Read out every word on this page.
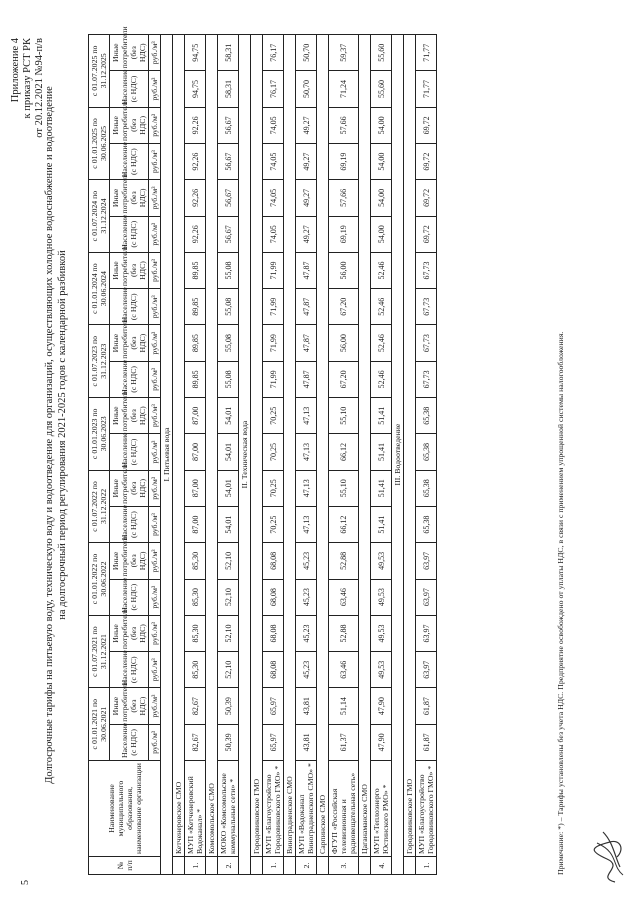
5
Приложение 4 к приказу РСТ РК от 20.12.2021 №94-п/в Долгосрочные тарифы на питьевую воду, техническую воду и водоотведение для организаций, осуществляющих холодное водоснабжение и водоотведение на долгосрочный период регулирования 2021-2025 годов с календарной разбивкой
№ п/п	Наименование муниципального образования, наименование организации	с 01.01.2021 по 30.06.2021		с 01.07.2021 по 31.12.2021		с 01.01.2022 по 30.06.2022		с 01.07.2022 по 31.12.2022		с 01.01.2023 по 30.06.2023		с 01.07.2023 по 31.12.2023		с 01.01.2024 по 30.06.2024		с 01.07.2024 по 31.12.2024		с 01.01.2025 по 30.06.2025		с 01.07.2025 по 31.12.2025	
		Население (с НДС)	Иные потребители (без НДС)	Население (с НДС)	Иные потребители (без НДС)	Население (с НДС)	Иные потребители (без НДС)	Население (с НДС)	Иные потребители (без НДС)	Население (с НДС)	Иные потребители (без НДС)	Население (с НДС)	Иные потребители (без НДС)	Население (с НДС)	Иные потребители (без НДС)	Население (с НДС)	Иные потребители (без НДС)	Население (с НДС)	Иные потребители (без НДС)	Население (с НДС)	Иные потребители (без НДС)
		руб./м³	руб./м³	руб./м³	руб./м³	руб./м³	руб./м³	руб./м³	руб./м³	руб./м³	руб./м³	руб./м³	руб./м³	руб./м³	руб./м³	руб./м³	руб./м³	руб./м³	руб./м³	руб./м³	руб./м³
I. Питьевая вода																					
	Кетченеровское СМО																				
1.	МУП «Кетченеровский Водоканал» *	82,67	82,67	85,30	85,30	85,30	85,30	87,00	87,00	87,00	87,00	89,85	89,85	89,85	89,85	92,26	92,26	92,26	92,26	94,75	94,75
	Комсомольское СМО																				
2.	МОКО «Комсомольские коммунальные сети» *	50,39	50,39	52,10	52,10	52,10	52,10	54,01	54,01	54,01	54,01	55,08	55,08	55,08	55,08	56,67	56,67	56,67	56,67	58,31	58,31
II. Техническая вода																					
	Городовиковское ГМО																				
1.	МУП «Благоустройство Городовиковского ГМО» *	65,97	65,97	68,08	68,08	68,08	68,08	70,25	70,25	70,25	70,25	71,99	71,99	71,99	71,99	74,05	74,05	74,05	74,05	76,17	76,17
	Виноградненское СМО																				
2.	МУП «Водоканал Виноградненского СМО» *	43,81	43,81	45,23	45,23	45,23	45,23	47,13	47,13	47,13	47,13	47,87	47,87	47,87	47,87	49,27	49,27	49,27	49,27	50,70	50,70
	Сарпинское СМО																				
3.	ФГУП «Российская телевизионная и радиовещательная сеть»	61,37	51,14	63,46	52,88	63,46	52,88	66,12	55,10	66,12	55,10	67,20	56,00	67,20	56,00	69,19	57,66	69,19	57,66	71,24	59,37
	Цаганаманское СМО																				
4.	МУП «Теплоэнерго Юстинского РМО» *	47,90	47,90	49,53	49,53	49,53	49,53	51,41	51,41	51,41	51,41	52,46	52,46	52,46	52,46	54,00	54,00	54,00	54,00	55,60	55,60
III. Водоотведение																					
	Городовиковское ГМО																				
1.	МУП «Благоустройство Городовиковского ГМО» *	61,87	61,87	63,97	63,97	63,97	63,97	65,38	65,38	65,38	65,38	67,73	67,73	67,73	67,73	69,72	69,72	69,72	69,72	71,77	71,77
Примечание: *) – Тарифы установлены без учета НДС. Предприятие освобождено от уплаты НДС, в связи с применением упрощенной системы налогообложения.
